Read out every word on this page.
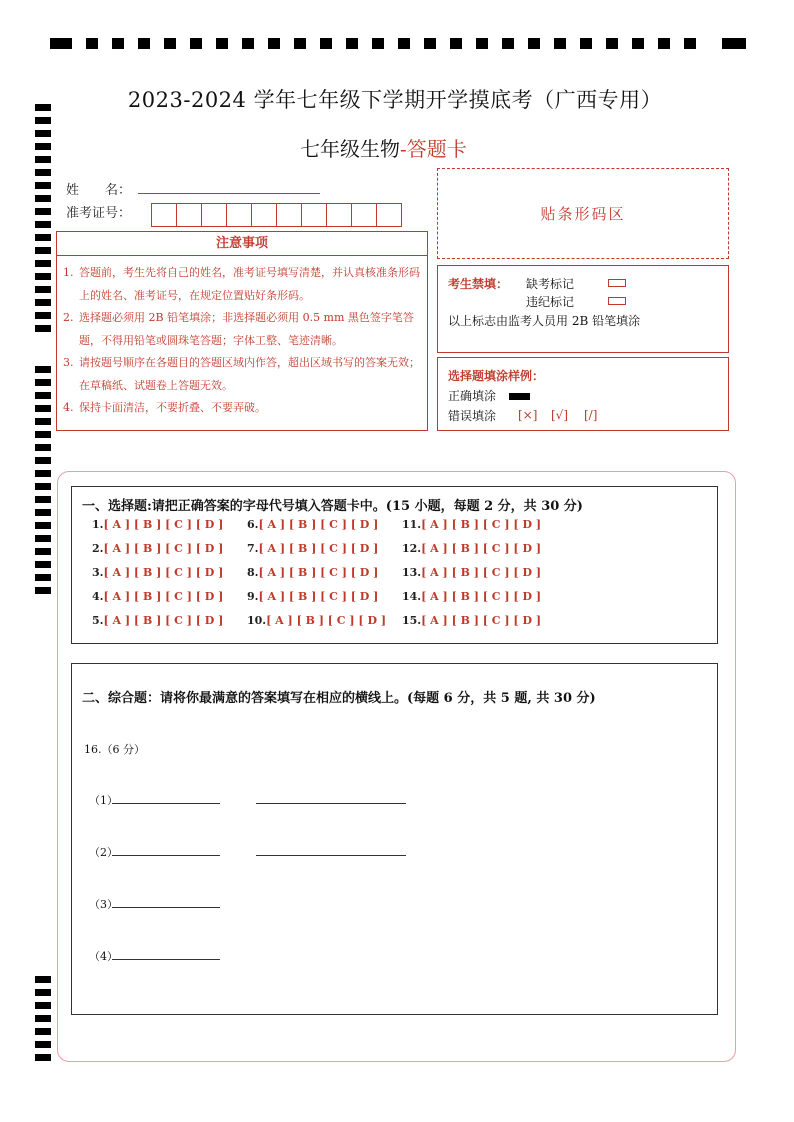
2023-2024 学年七年级下学期开学摸底考（广西专用）
七年级生物-答题卡
姓　　名：
准考证号：	贴条形码区
注意事项
1. 答题前，考生先将自己的姓名，准考证号填写清楚，并认真核准条形码上的姓名、准考证号，在规定位置贴好条形码。
2. 选择题必须用 2B 铅笔填涂；非选择题必须用 0.5 mm 黑色签字笔答题，不得用铅笔或圆珠笔答题；字体工整、笔迹清晰。
3. 请按题号顺序在各题目的答题区域内作答，超出区域书写的答案无效；在草稿纸、试题卷上答题无效。
4. 保持卡面清洁，不要折叠、不要弄破。
考生禁填： 缺考标记
违纪标记
以上标志由监考人员用 2B 铅笔填涂
选择题填涂样例：
正确填涂
错误填涂 [×] [√] [/]
一、选择题:请把正确答案的字母代号填入答题卡中。(15 小题，每题 2 分，共 30 分)
1.[ A ] [ B ] [ C ] [ D ]
2.[ A ] [ B ] [ C ] [ D ]
3.[ A ] [ B ] [ C ] [ D ]
4.[ A ] [ B ] [ C ] [ D ]
5.[ A ] [ B ] [ C ] [ D ]
6.[ A ] [ B ] [ C ] [ D ]
7.[ A ] [ B ] [ C ] [ D ]
8.[ A ] [ B ] [ C ] [ D ]
9.[ A ] [ B ] [ C ] [ D ]
10.[ A ] [ B ] [ C ] [ D ]
11.[ A ] [ B ] [ C ] [ D ]
12.[ A ] [ B ] [ C ] [ D ]
13.[ A ] [ B ] [ C ] [ D ]
14.[ A ] [ B ] [ C ] [ D ]
15.[ A ] [ B ] [ C ] [ D ]
二、综合题：请将你最满意的答案填写在相应的横线上。(每题 6 分，共 5 题, 共 30 分)
16.（6 分）
（1）
（2）
（3）
（4）
